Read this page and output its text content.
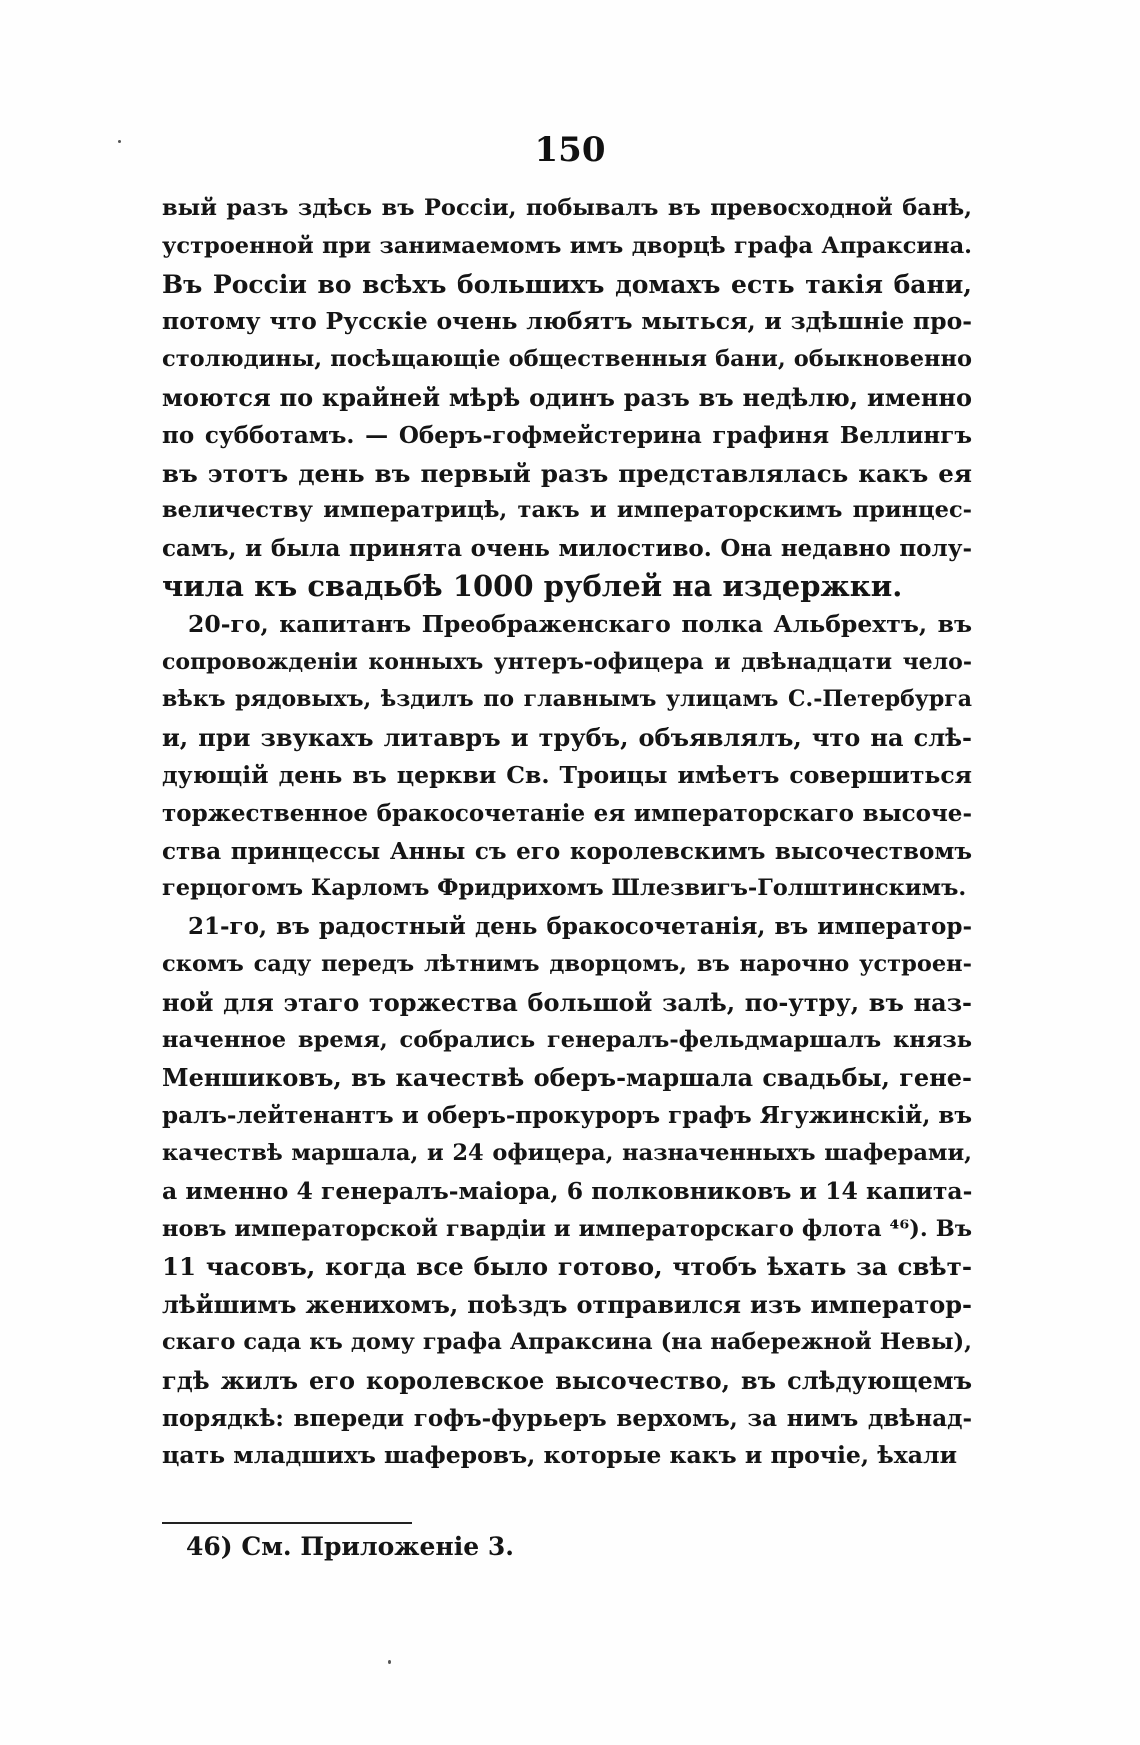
150

вый разъ здѣсь въ Россіи, побывалъ въ превосходной банѣ,
устроенной при занимаемомъ имъ дворцѣ графа Апраксина.
Въ Россіи во всѣхъ большихъ домахъ есть такія бани,
потому что Русскіе очень любятъ мыться, и здѣшніе про-
столюдины, посѣщающіе общественныя бани, обыкновенно
моются по крайней мѣрѣ одинъ разъ въ недѣлю, именно
по субботамъ. — Оберъ-гофмейстерина графиня Веллингъ
въ этотъ день въ первый разъ представлялась какъ ея
величеству императрицѣ, такъ и императорскимъ принцес-
самъ, и была принята очень милостиво. Она недавно полу-
чила къ свадьбѣ 1000 рублей на издержки.

20-го, капитанъ Преображенскаго полка Альбрехтъ, въ
сопровожденіи конныхъ унтеръ-офицера и двѣнадцати чело-
вѣкъ рядовыхъ, ѣздилъ по главнымъ улицамъ С.-Петербурга
и, при звукахъ литавръ и трубъ, объявлялъ, что на слѣ-
дующій день въ церкви Св. Троицы имѣетъ совершиться
торжественное бракосочетаніе ея императорскаго высоче-
ства принцессы Анны съ его королевскимъ высочествомъ
герцогомъ Карломъ Фридрихомъ Шлезвигъ-Голштинскимъ.

21-го, въ радостный день бракосочетанія, въ император-
скомъ саду передъ лѣтнимъ дворцомъ, въ нарочно устроен-
ной для этаго торжества большой залѣ, по-утру, въ наз-
наченное время, собрались генералъ-фельдмаршалъ князь
Меншиковъ, въ качествѣ оберъ-маршала свадьбы, гене-
ралъ-лейтенантъ и оберъ-прокуроръ графъ Ягужинскій, въ
качествѣ маршала, и 24 офицера, назначенныхъ шаферами,
а именно 4 генералъ-маіора, 6 полковниковъ и 14 капита-
новъ императорской гвардіи и императорскаго флота ⁴⁶). Въ
11 часовъ, когда все было готово, чтобъ ѣхать за свѣт-
лѣйшимъ женихомъ, поѣздъ отправился изъ император-
скаго сада къ дому графа Апраксина (на набережной Невы),
гдѣ жилъ его королевское высочество, въ слѣдующемъ
порядкѣ: впереди гофъ-фурьеръ верхомъ, за нимъ двѣнад-
цать младшихъ шаферовъ, которые какъ и прочіе, ѣхали

46) См. Приложеніе 3.
